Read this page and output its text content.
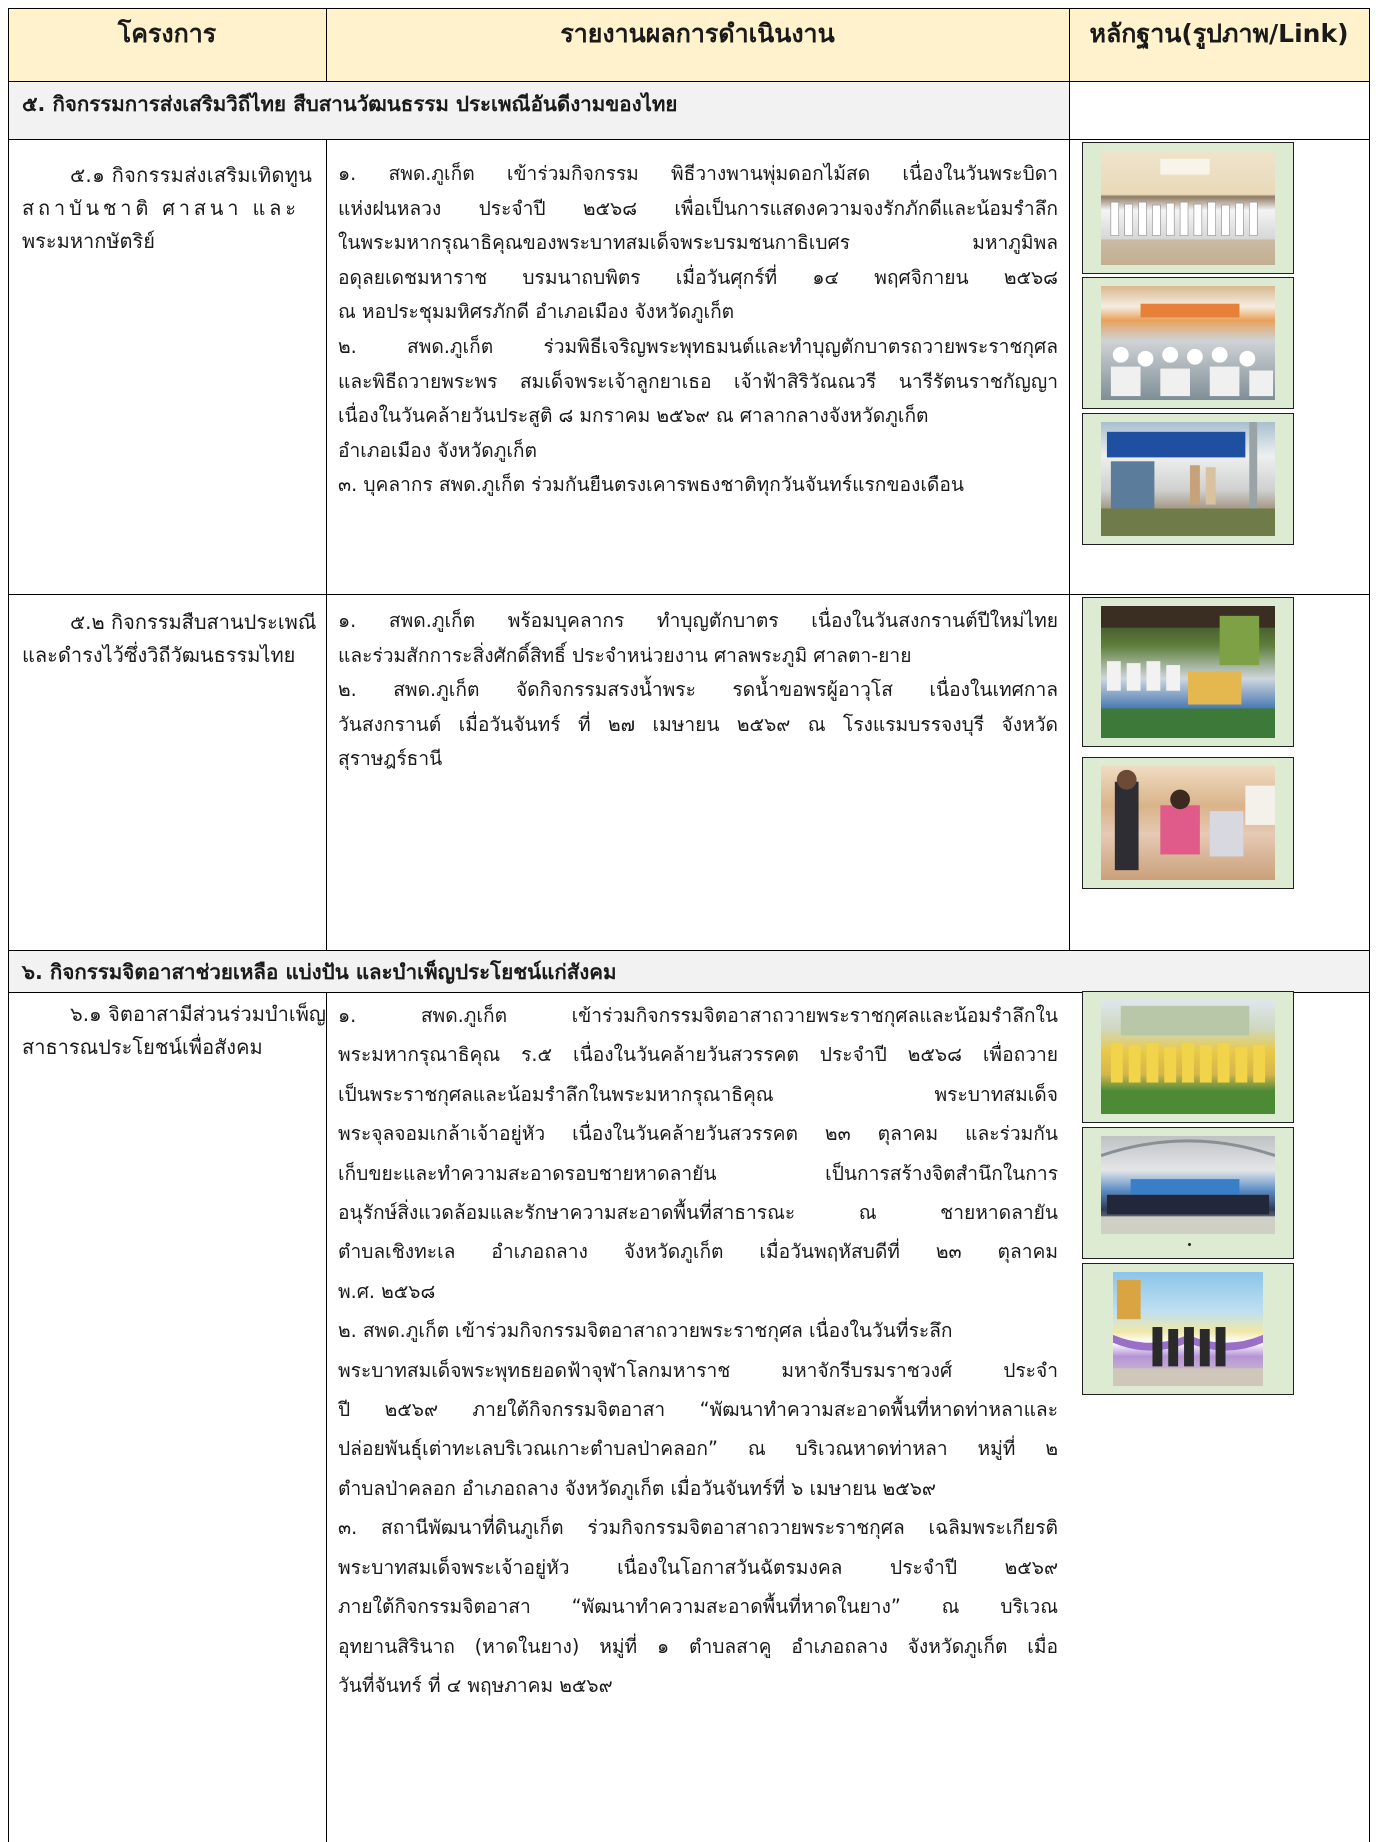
โครงการ	รายงานผลการดำเนินงาน	หลักฐาน(รูปภาพ/Link)
๕. กิจกรรมการส่งเสริมวิถีไทย สืบสานวัฒนธรรม ประเพณีอันดีงามของไทย
๕.๑ กิจกรรมส่งเสริมเทิดทูน
สถาบันชาติ ศาสนา และ
พระมหากษัตริย์
๑. สพด.ภูเก็ต เข้าร่วมกิจกรรม พิธีวางพานพุ่มดอกไม้สด เนื่องในวันพระบิดา
แห่งฝนหลวง ประจำปี ๒๕๖๘ เพื่อเป็นการแสดงความจงรักภักดีและน้อมรำลึก
ในพระมหากรุณาธิคุณของพระบาทสมเด็จพระบรมชนกาธิเบศร มหาภูมิพล
อดุลยเดชมหาราช บรมนาถบพิตร เมื่อวันศุกร์ที่ ๑๔ พฤศจิกายน ๒๕๖๘
ณ หอประชุมมหิศรภักดี อำเภอเมือง จังหวัดภูเก็ต
๒. สพด.ภูเก็ต ร่วมพิธีเจริญพระพุทธมนต์และทำบุญตักบาตรถวายพระราชกุศล
และพิธีถวายพระพร สมเด็จพระเจ้าลูกยาเธอ เจ้าฟ้าสิริวัณณวรี นารีรัตนราชกัญญา
เนื่องในวันคล้ายวันประสูติ ๘ มกราคม ๒๕๖๙ ณ ศาลากลางจังหวัดภูเก็ต
อำเภอเมือง จังหวัดภูเก็ต
๓. บุคลากร สพด.ภูเก็ต ร่วมกันยืนตรงเคารพธงชาติทุกวันจันทร์แรกของเดือน
๕.๒ กิจกรรมสืบสานประเพณี
และดำรงไว้ซึ่งวิถีวัฒนธรรมไทย
๑. สพด.ภูเก็ต พร้อมบุคลากร ทำบุญตักบาตร เนื่องในวันสงกรานต์ปีใหม่ไทย
และร่วมสักการะสิ่งศักดิ์สิทธิ์ ประจำหน่วยงาน ศาลพระภูมิ ศาลตา-ยาย
๒. สพด.ภูเก็ต จัดกิจกรรมสรงน้ำพระ รดน้ำขอพรผู้อาวุโส เนื่องในเทศกาล
วันสงกรานต์ เมื่อวันจันทร์ ที่ ๒๗ เมษายน ๒๕๖๙ ณ โรงแรมบรรจงบุรี จังหวัด
สุราษฎร์ธานี
๖. กิจกรรมจิตอาสาช่วยเหลือ แบ่งปัน และบำเพ็ญประโยชน์แก่สังคม
๖.๑ จิตอาสามีส่วนร่วมบำเพ็ญ
สาธารณประโยชน์เพื่อสังคม
๑. สพด.ภูเก็ต เข้าร่วมกิจกรรมจิตอาสาถวายพระราชกุศลและน้อมรำลึกใน
พระมหากรุณาธิคุณ ร.๕ เนื่องในวันคล้ายวันสวรรคต ประจำปี ๒๕๖๘ เพื่อถวาย
เป็นพระราชกุศลและน้อมรำลึกในพระมหากรุณาธิคุณ พระบาทสมเด็จ
พระจุลจอมเกล้าเจ้าอยู่หัว เนื่องในวันคล้ายวันสวรรคต ๒๓ ตุลาคม และร่วมกัน
เก็บขยะและทำความสะอาดรอบชายหาดลายัน เป็นการสร้างจิตสำนึกในการ
อนุรักษ์สิ่งแวดล้อมและรักษาความสะอาดพื้นที่สาธารณะ ณ ชายหาดลายัน
ตำบลเชิงทะเล อำเภอถลาง จังหวัดภูเก็ต เมื่อวันพฤหัสบดีที่ ๒๓ ตุลาคม
พ.ศ. ๒๕๖๘
๒. สพด.ภูเก็ต เข้าร่วมกิจกรรมจิตอาสาถวายพระราชกุศล เนื่องในวันที่ระลึก
พระบาทสมเด็จพระพุทธยอดฟ้าจุฬาโลกมหาราช มหาจักรีบรมราชวงศ์ ประจำ
ปี ๒๕๖๙ ภายใต้กิจกรรมจิตอาสา “พัฒนาทำความสะอาดพื้นที่หาดท่าหลาและ
ปล่อยพันธุ์เต่าทะเลบริเวณเกาะตำบลป่าคลอก” ณ บริเวณหาดท่าหลา หมู่ที่ ๒
ตำบลป่าคลอก อำเภอถลาง จังหวัดภูเก็ต เมื่อวันจันทร์ที่ ๖ เมษายน ๒๕๖๙
๓. สถานีพัฒนาที่ดินภูเก็ต ร่วมกิจกรรมจิตอาสาถวายพระราชกุศล เฉลิมพระเกียรติ
พระบาทสมเด็จพระเจ้าอยู่หัว เนื่องในโอกาสวันฉัตรมงคล ประจำปี ๒๕๖๙
ภายใต้กิจกรรมจิตอาสา “พัฒนาทำความสะอาดพื้นที่หาดในยาง” ณ บริเวณ
อุทยานสิรินาถ (หาดในยาง) หมู่ที่ ๑ ตำบลสาคู อำเภอถลาง จังหวัดภูเก็ต เมื่อ
วันที่จันทร์ ที่ ๔ พฤษภาคม ๒๕๖๙
